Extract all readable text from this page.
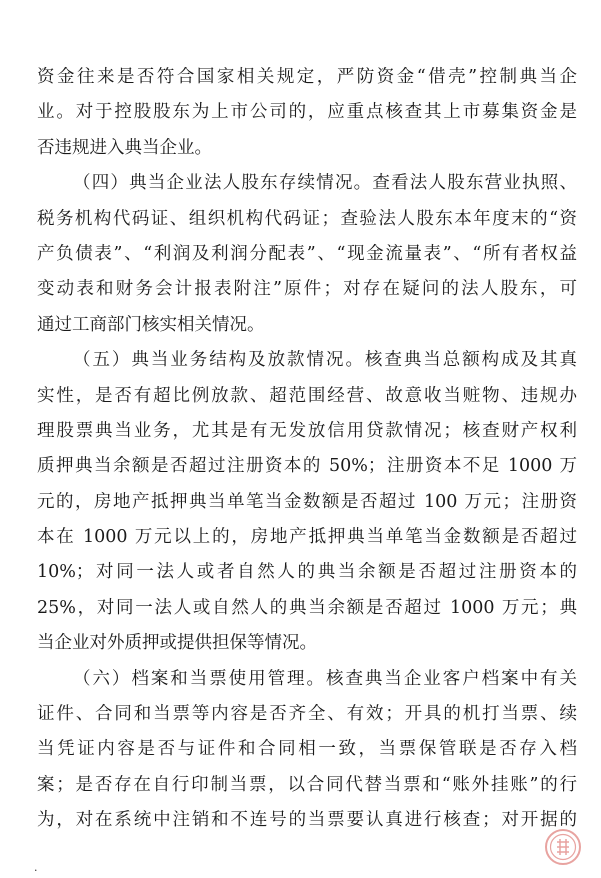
资金往来是否符合国家相关规定，严防资金“借壳”控制典当企
业。对于控股股东为上市公司的，应重点核查其上市募集资金是
否违规进入典当企业。
（四）典当企业法人股东存续情况。查看法人股东营业执照、
税务机构代码证、组织机构代码证；查验法人股东本年度末的“资
产负债表”、“利润及利润分配表”、“现金流量表”、“所有者权益
变动表和财务会计报表附注”原件；对存在疑问的法人股东，可
通过工商部门核实相关情况。
（五）典当业务结构及放款情况。核查典当总额构成及其真
实性，是否有超比例放款、超范围经营、故意收当赃物、违规办
理股票典当业务，尤其是有无发放信用贷款情况；核查财产权利
质押典当余额是否超过注册资本的 50%；注册资本不足 1000 万
元的，房地产抵押典当单笔当金数额是否超过 100 万元；注册资
本在 1000 万元以上的，房地产抵押典当单笔当金数额是否超过
10%；对同一法人或者自然人的典当余额是否超过注册资本的
25%，对同一法人或自然人的典当余额是否超过 1000 万元；典
当企业对外质押或提供担保等情况。
（六）档案和当票使用管理。核查典当企业客户档案中有关
证件、合同和当票等内容是否齐全、有效；开具的机打当票、续
当凭证内容是否与证件和合同相一致，当票保管联是否存入档
案；是否存在自行印制当票，以合同代替当票和“账外挂账”的行
为，对在系统中注销和不连号的当票要认真进行核查；对开据的
·
